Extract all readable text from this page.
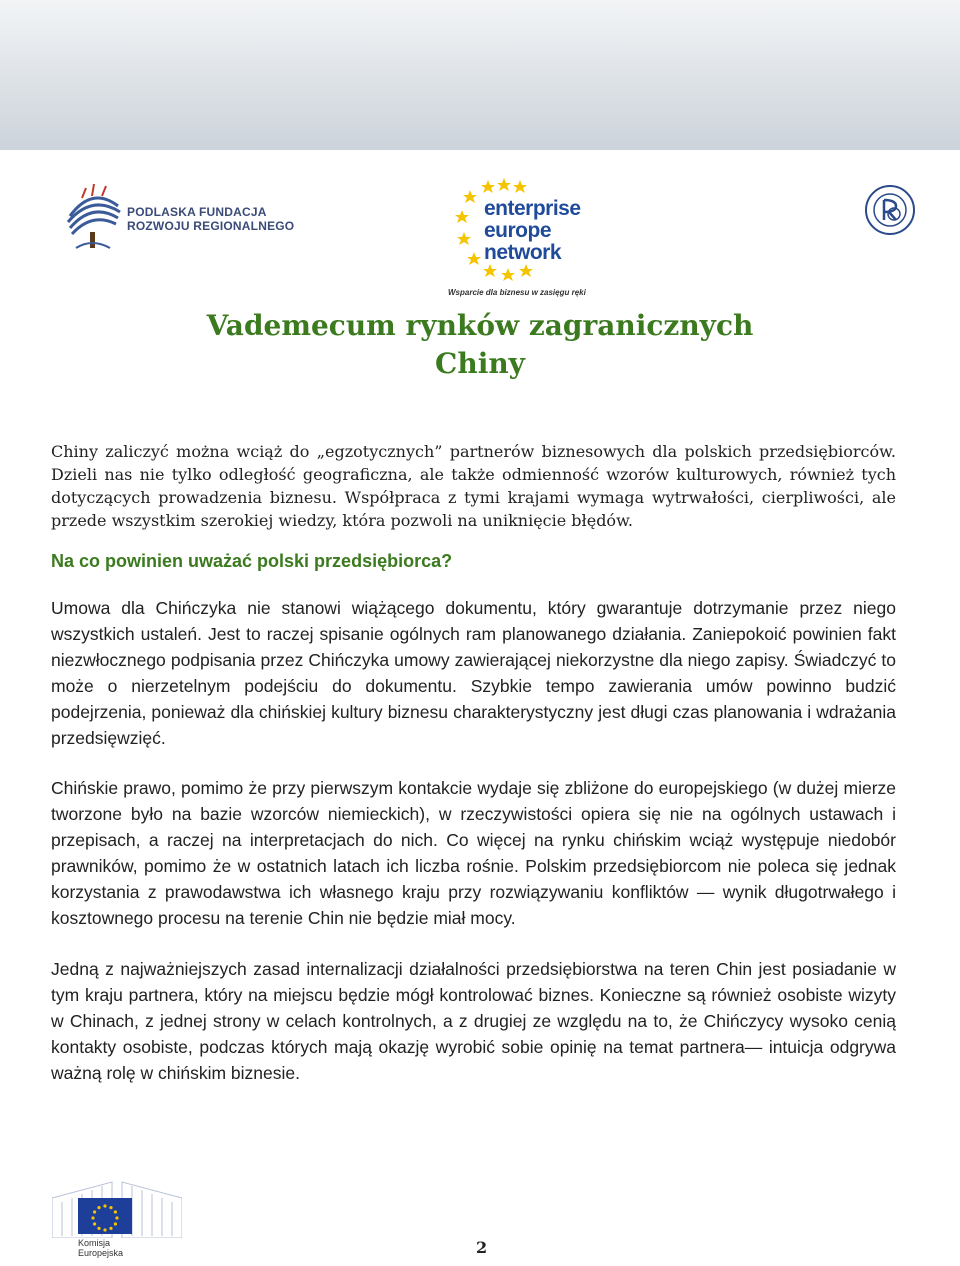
PODLASKA FUNDACJA
ROZWOJU REGIONALNEGO
enterprise
europe
network
Wsparcie dla biznesu w zasięgu ręki
Vademecum rynków zagranicznych
Chiny

Chiny zaliczyć można wciąż do „egzotycznych” partnerów biznesowych dla polskich przedsiębiorców. Dzieli nas nie tylko odległość geograficzna, ale także odmienność wzorów kulturowych, również tych dotyczących prowadzenia biznesu. Współpraca z tymi krajami wymaga wytrwałości, cierpliwości, ale przede wszystkim szerokiej wiedzy, która pozwoli na uniknięcie błędów.

Na co powinien uważać polski przedsiębiorca?

Umowa dla Chińczyka nie stanowi wiążącego dokumentu, który gwarantuje dotrzymanie przez niego wszystkich ustaleń. Jest to raczej spisanie ogólnych ram planowanego działania. Zaniepokoić powinien fakt niezwłocznego podpisania przez Chińczyka umowy zawierającej niekorzystne dla niego zapisy. Świadczyć to może o nierzetelnym podejściu do dokumentu. Szybkie tempo zawierania umów powinno budzić podejrzenia, ponieważ dla chińskiej kultury biznesu charakterystyczny jest długi czas planowania i wdrażania przedsięwzięć.

Chińskie prawo, pomimo że przy pierwszym kontakcie wydaje się zbliżone do europejskiego (w dużej mierze tworzone było na bazie wzorców niemieckich), w rzeczywistości opiera się nie na ogólnych ustawach i przepisach, a raczej na interpretacjach do nich. Co więcej na rynku chińskim wciąż występuje niedobór prawników, pomimo że w ostatnich latach ich liczba rośnie. Polskim przedsiębiorcom nie poleca się jednak korzystania z prawodawstwa ich własnego kraju przy rozwiązywaniu konfliktów — wynik długotrwałego i kosztownego procesu na terenie Chin nie będzie miał mocy.

Jedną z najważniejszych zasad internalizacji działalności przedsiębiorstwa na teren Chin jest posiadanie w tym kraju partnera, który na miejscu będzie mógł kontrolować biznes. Konieczne są również osobiste wizyty w Chinach, z jednej strony w celach kontrolnych, a z drugiej ze względu na to, że Chińczycy wysoko cenią kontakty osobiste, podczas których mają okazję wyrobić sobie opinię na temat partnera— intuicja odgrywa ważną rolę w chińskim biznesie.

Komisja
Europejska	2
